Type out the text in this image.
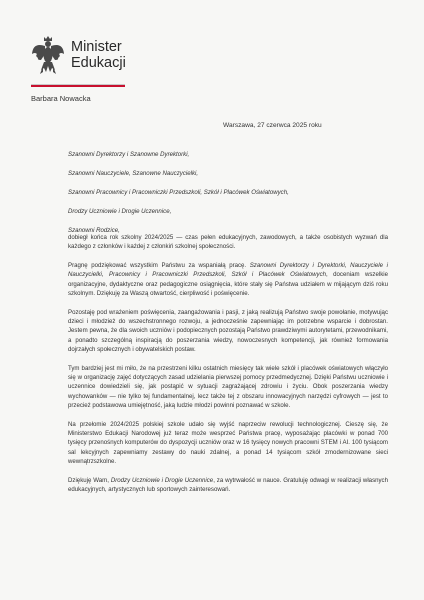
Minister
Edukacji
Barbara Nowacka
Warszawa, 27 czerwca 2025 roku
Szanowni Dyrektorzy i Szanowne Dyrektorki,
Szanowni Nauczyciele, Szanowne Nauczycielki,
Szanowni Pracownicy i Pracowniczki Przedszkoli, Szkół i Placówek Oświatowych,
Drodzy Uczniowie i Drogie Uczennice,
Szanowni Rodzice,

dobiegł końca rok szkolny 2024/2025 — czas pełen edukacyjnych, zawodowych, a także osobistych wyzwań dla każdego z członków i każdej z członkiń szkolnej społeczności.

Pragnę podziękować wszystkim Państwu za wspaniałą pracę. Szanowni Dyrektorzy i Dyrektorki, Nauczyciele i Nauczycielki, Pracownicy i Pracowniczki Przedszkoli, Szkół i Placówek Oświatowych, doceniam wszelkie organizacyjne, dydaktyczne oraz pedagogiczne osiągnięcia, które stały się Państwa udziałem w mijającym dziś roku szkolnym. Dziękuję za Waszą otwartość, cierpliwość i poświęcenie.

Pozostaję pod wrażeniem poświęcenia, zaangażowania i pasji, z jaką realizują Państwo swoje powołanie, motywując dzieci i młodzież do wszechstronnego rozwoju, a jednocześnie zapewniając im potrzebne wsparcie i dobrostan. Jestem pewna, że dla swoich uczniów i podopiecznych pozostają Państwo prawdziwymi autorytetami, przewodnikami, a ponadto szczególną inspiracją do poszerzania wiedzy, nowoczesnych kompetencji, jak również formowania dojrzałych społecznych i obywatelskich postaw.

Tym bardziej jest mi miło, że na przestrzeni kilku ostatnich miesięcy tak wiele szkół i placówek oświatowych włączyło się w organizację zajęć dotyczących zasad udzielania pierwszej pomocy przedmedycznej. Dzięki Państwu uczniowie i uczennice dowiedzieli się, jak postąpić w sytuacji zagrażającej zdrowiu i życiu. Obok poszerzania wiedzy wychowanków — nie tylko tej fundamentalnej, lecz także tej z obszaru innowacyjnych narzędzi cyfrowych — jest to przecież podstawowa umiejętność, jaką ludzie młodzi powinni poznawać w szkole.

Na przełomie 2024/2025 polskiej szkole udało się wyjść naprzeciw rewolucji technologicznej. Cieszę się, że Ministerstwo Edukacji Narodowej już teraz może wesprzeć Państwa pracę, wyposażając placówki w ponad 700 tysięcy przenośnych komputerów do dyspozycji uczniów oraz w 16 tysięcy nowych pracowni STEM i AI. 100 tysiącom sal lekcyjnych zapewniamy zestawy do nauki zdalnej, a ponad 14 tysiącom szkół zmodernizowane sieci wewnątrzszkolne.

Dziękuję Wam, Drodzy Uczniowie i Drogie Uczennice, za wytrwałość w nauce. Gratuluję odwagi w realizacji własnych edukacyjnych, artystycznych lub sportowych zainteresowań.
